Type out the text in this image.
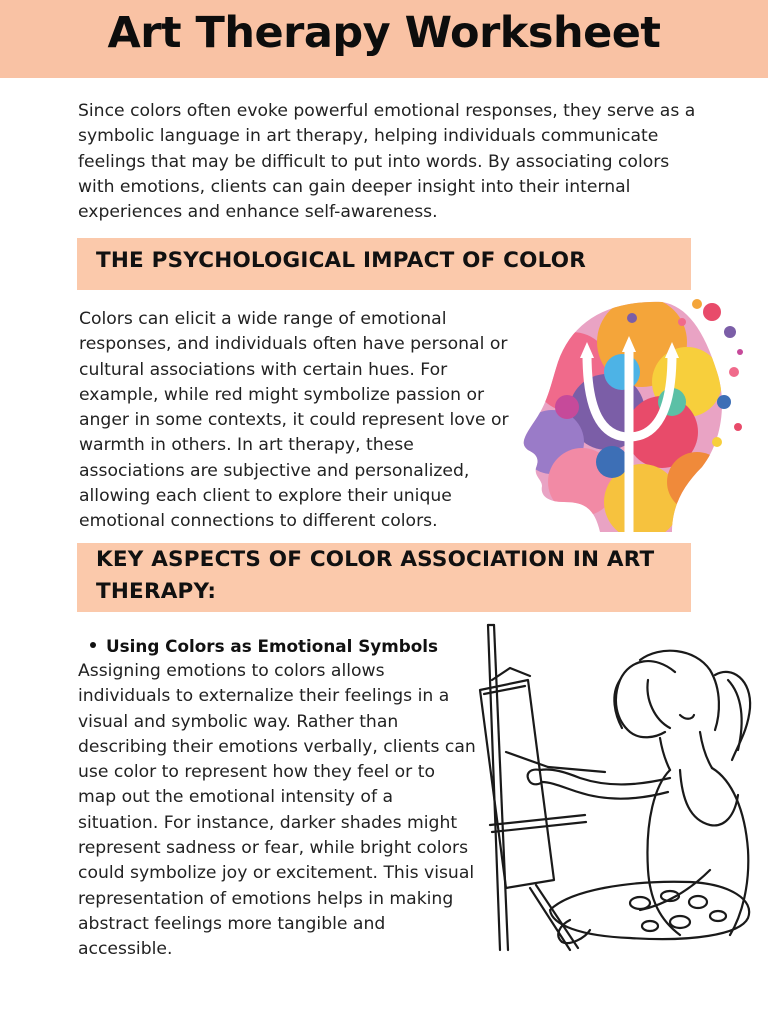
Art Therapy Worksheet
Since colors often evoke powerful emotional responses, they serve as a symbolic language in art therapy, helping individuals communicate feelings that may be difficult to put into words. By associating colors with emotions, clients can gain deeper insight into their internal experiences and enhance self-awareness.
THE PSYCHOLOGICAL IMPACT OF COLOR
Colors can elicit a wide range of emotional responses, and individuals often have personal or cultural associations with certain hues. For example, while red might symbolize passion or anger in some contexts, it could represent love or warmth in others. In art therapy, these associations are subjective and personalized, allowing each client to explore their unique emotional connections to different colors.
KEY ASPECTS OF COLOR ASSOCIATION IN ART THERAPY:
Using Colors as Emotional Symbols
Assigning emotions to colors allows individuals to externalize their feelings in a visual and symbolic way. Rather than describing their emotions verbally, clients can use color to represent how they feel or to map out the emotional intensity of a situation. For instance, darker shades might represent sadness or fear, while bright colors could symbolize joy or excitement. This visual representation of emotions helps in making abstract feelings more tangible and accessible.
